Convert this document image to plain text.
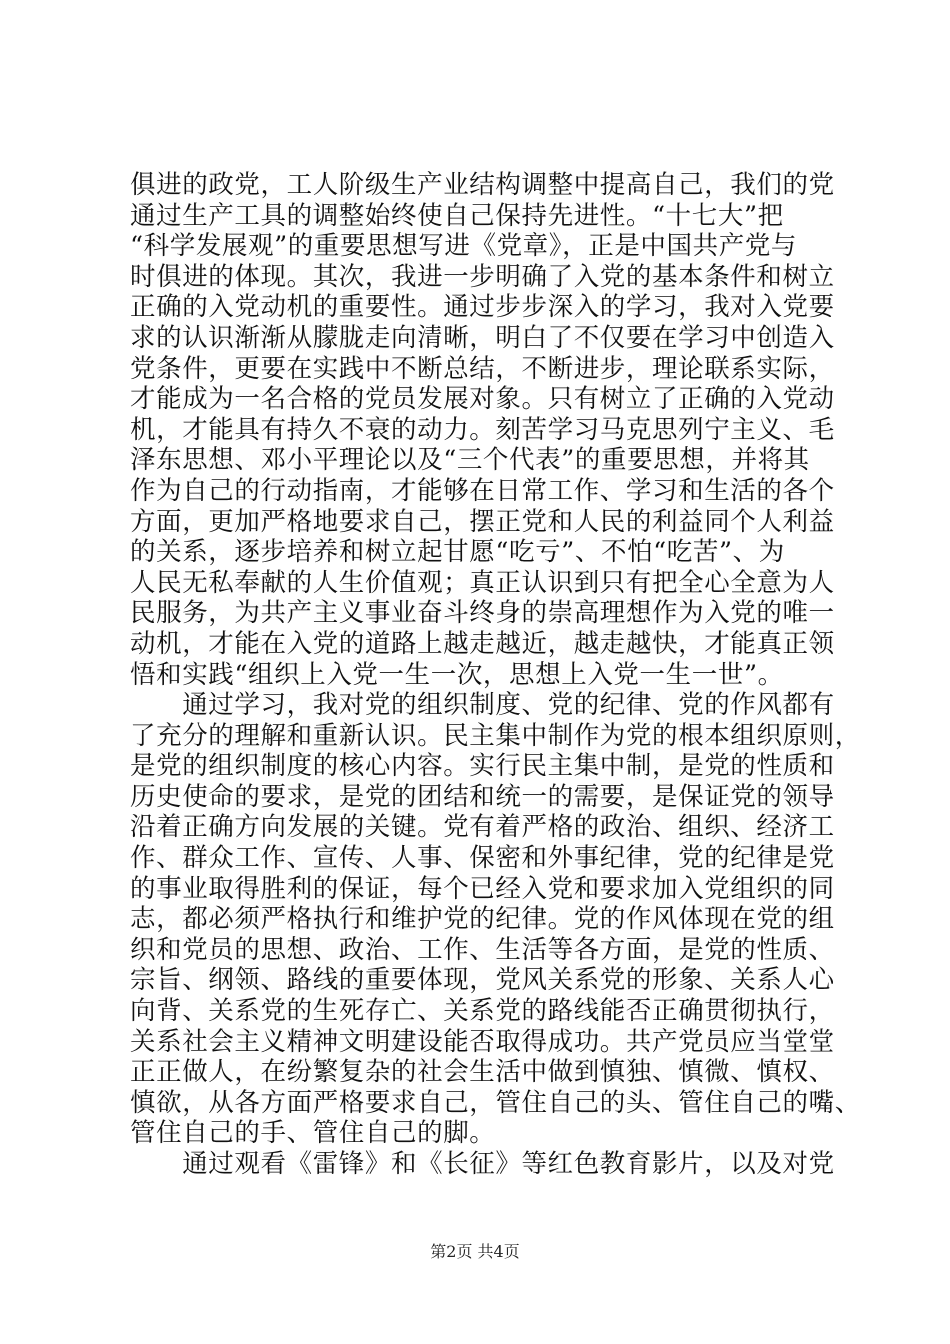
俱进的政党，工人阶级生产业结构调整中提高自己，我们的党
通过生产工具的调整始终使自己保持先进性。“十七大”把
“科学发展观”的重要思想写进《党章》，正是中国共产党与
时俱进的体现。其次，我进一步明确了入党的基本条件和树立
正确的入党动机的重要性。通过步步深入的学习，我对入党要
求的认识渐渐从朦胧走向清晰，明白了不仅要在学习中创造入
党条件，更要在实践中不断总结，不断进步，理论联系实际，
才能成为一名合格的党员发展对象。只有树立了正确的入党动
机，才能具有持久不衰的动力。刻苦学习马克思列宁主义、毛
泽东思想、邓小平理论以及“三个代表”的重要思想，并将其
作为自己的行动指南，才能够在日常工作、学习和生活的各个
方面，更加严格地要求自己，摆正党和人民的利益同个人利益
的关系，逐步培养和树立起甘愿“吃亏”、不怕“吃苦”、为
人民无私奉献的人生价值观；真正认识到只有把全心全意为人
民服务，为共产主义事业奋斗终身的崇高理想作为入党的唯一
动机，才能在入党的道路上越走越近，越走越快，才能真正领
悟和实践“组织上入党一生一次，思想上入党一生一世”。
　　通过学习，我对党的组织制度、党的纪律、党的作风都有
了充分的理解和重新认识。民主集中制作为党的根本组织原则，
是党的组织制度的核心内容。实行民主集中制，是党的性质和
历史使命的要求，是党的团结和统一的需要，是保证党的领导
沿着正确方向发展的关键。党有着严格的政治、组织、经济工
作、群众工作、宣传、人事、保密和外事纪律，党的纪律是党
的事业取得胜利的保证，每个已经入党和要求加入党组织的同
志，都必须严格执行和维护党的纪律。党的作风体现在党的组
织和党员的思想、政治、工作、生活等各方面，是党的性质、
宗旨、纲领、路线的重要体现，党风关系党的形象、关系人心
向背、关系党的生死存亡、关系党的路线能否正确贯彻执行，
关系社会主义精神文明建设能否取得成功。共产党员应当堂堂
正正做人，在纷繁复杂的社会生活中做到慎独、慎微、慎权、
慎欲，从各方面严格要求自己，管住自己的头、管住自己的嘴、
管住自己的手、管住自己的脚。
　　通过观看《雷锋》和《长征》等红色教育影片，以及对党
第2页 共4页
